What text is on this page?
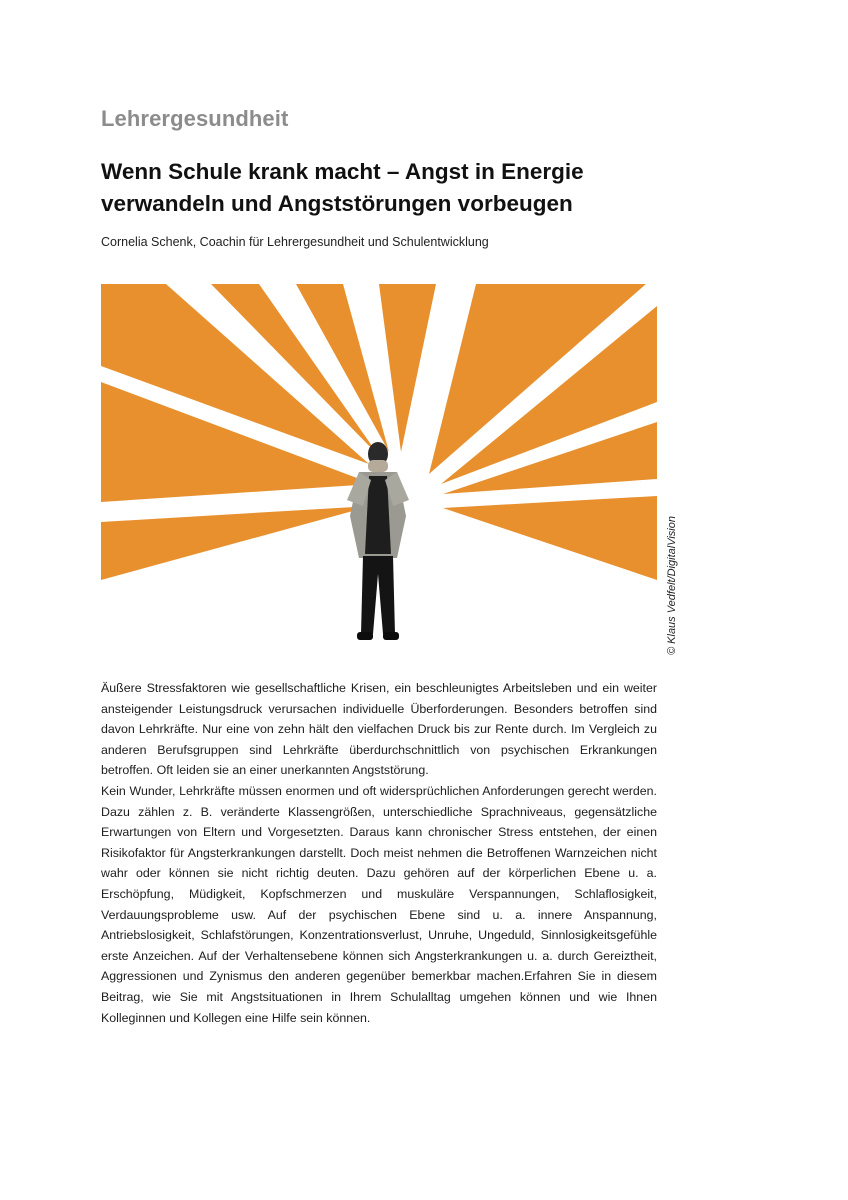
Lehrergesundheit
Wenn Schule krank macht – Angst in Energie
verwandeln und Angststörungen vorbeugen
Cornelia Schenk, Coachin für Lehrergesundheit und Schulentwicklung
© Klaus Vedfelt/DigitalVision

Äußere Stressfaktoren wie gesellschaftliche Krisen, ein beschleunigtes Arbeitsleben und ein weiter ansteigender Leistungsdruck verursachen individuelle Überforderungen. Besonders betroffen sind davon Lehrkräfte. Nur eine von zehn hält den vielfachen Druck bis zur Rente durch. Im Vergleich zu anderen Berufsgruppen sind Lehrkräfte überdurchschnittlich von psychischen Erkrankungen betroffen. Oft leiden sie an einer unerkannten Angststörung.

Kein Wunder, Lehrkräfte müssen enormen und oft widersprüchlichen Anforderungen gerecht werden. Dazu zählen z. B. veränderte Klassengrößen, unterschiedliche Sprachniveaus, gegensätzliche Erwartungen von Eltern und Vorgesetzten. Daraus kann chronischer Stress entstehen, der einen Risikofaktor für Angsterkrankungen darstellt. Doch meist nehmen die Betroffenen Warnzeichen nicht wahr oder können sie nicht richtig deuten. Dazu gehören auf der körperlichen Ebene u. a. Erschöpfung, Müdigkeit, Kopfschmerzen und muskuläre Verspannungen, Schlaflosigkeit, Verdauungsprobleme usw. Auf der psychischen Ebene sind u. a. innere Anspannung, Antriebslosigkeit, Schlafstörungen, Konzentrationsverlust, Unruhe, Ungeduld, Sinnlosigkeitsgefühle erste Anzeichen. Auf der Verhaltensebene können sich Angsterkrankungen u. a. durch Gereiztheit, Aggressionen und Zynismus den anderen gegenüber bemerkbar machen.Erfahren Sie in diesem Beitrag, wie Sie mit Angstsituationen in Ihrem Schulalltag umgehen können und wie Ihnen Kolleginnen und Kollegen eine Hilfe sein können.
